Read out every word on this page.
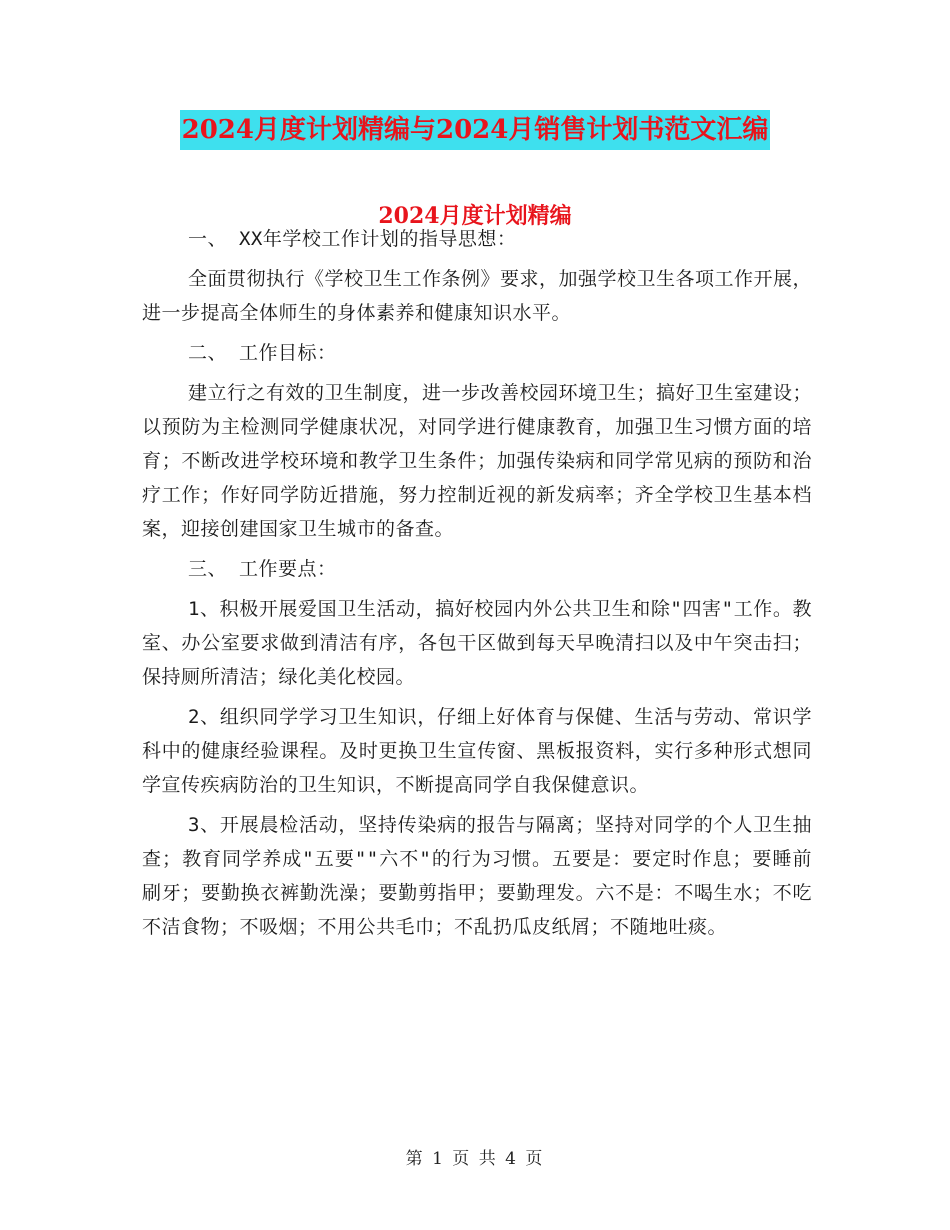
2024月度计划精编与2024月销售计划书范文汇编
2024月度计划精编

一、 XX年学校工作计划的指导思想：

全面贯彻执行《学校卫生工作条例》要求，加强学校卫生各项工作开展，进一步提高全体师生的身体素养和健康知识水平。

二、 工作目标：

建立行之有效的卫生制度，进一步改善校园环境卫生；搞好卫生室建设；以预防为主检测同学健康状况，对同学进行健康教育，加强卫生习惯方面的培育；不断改进学校环境和教学卫生条件；加强传染病和同学常见病的预防和治疗工作；作好同学防近措施，努力控制近视的新发病率；齐全学校卫生基本档案，迎接创建国家卫生城市的备查。

三、 工作要点：

1、积极开展爱国卫生活动，搞好校园内外公共卫生和除"四害"工作。教室、办公室要求做到清洁有序，各包干区做到每天早晚清扫以及中午突击扫；保持厕所清洁；绿化美化校园。

2、组织同学学习卫生知识，仔细上好体育与保健、生活与劳动、常识学科中的健康经验课程。及时更换卫生宣传窗、黑板报资料，实行多种形式想同学宣传疾病防治的卫生知识，不断提高同学自我保健意识。

3、开展晨检活动，坚持传染病的报告与隔离；坚持对同学的个人卫生抽查；教育同学养成"五要""六不"的行为习惯。五要是：要定时作息；要睡前刷牙；要勤换衣裤勤洗澡；要勤剪指甲；要勤理发。六不是：不喝生水；不吃不洁食物；不吸烟；不用公共毛巾；不乱扔瓜皮纸屑；不随地吐痰。

第 1 页 共 4 页
